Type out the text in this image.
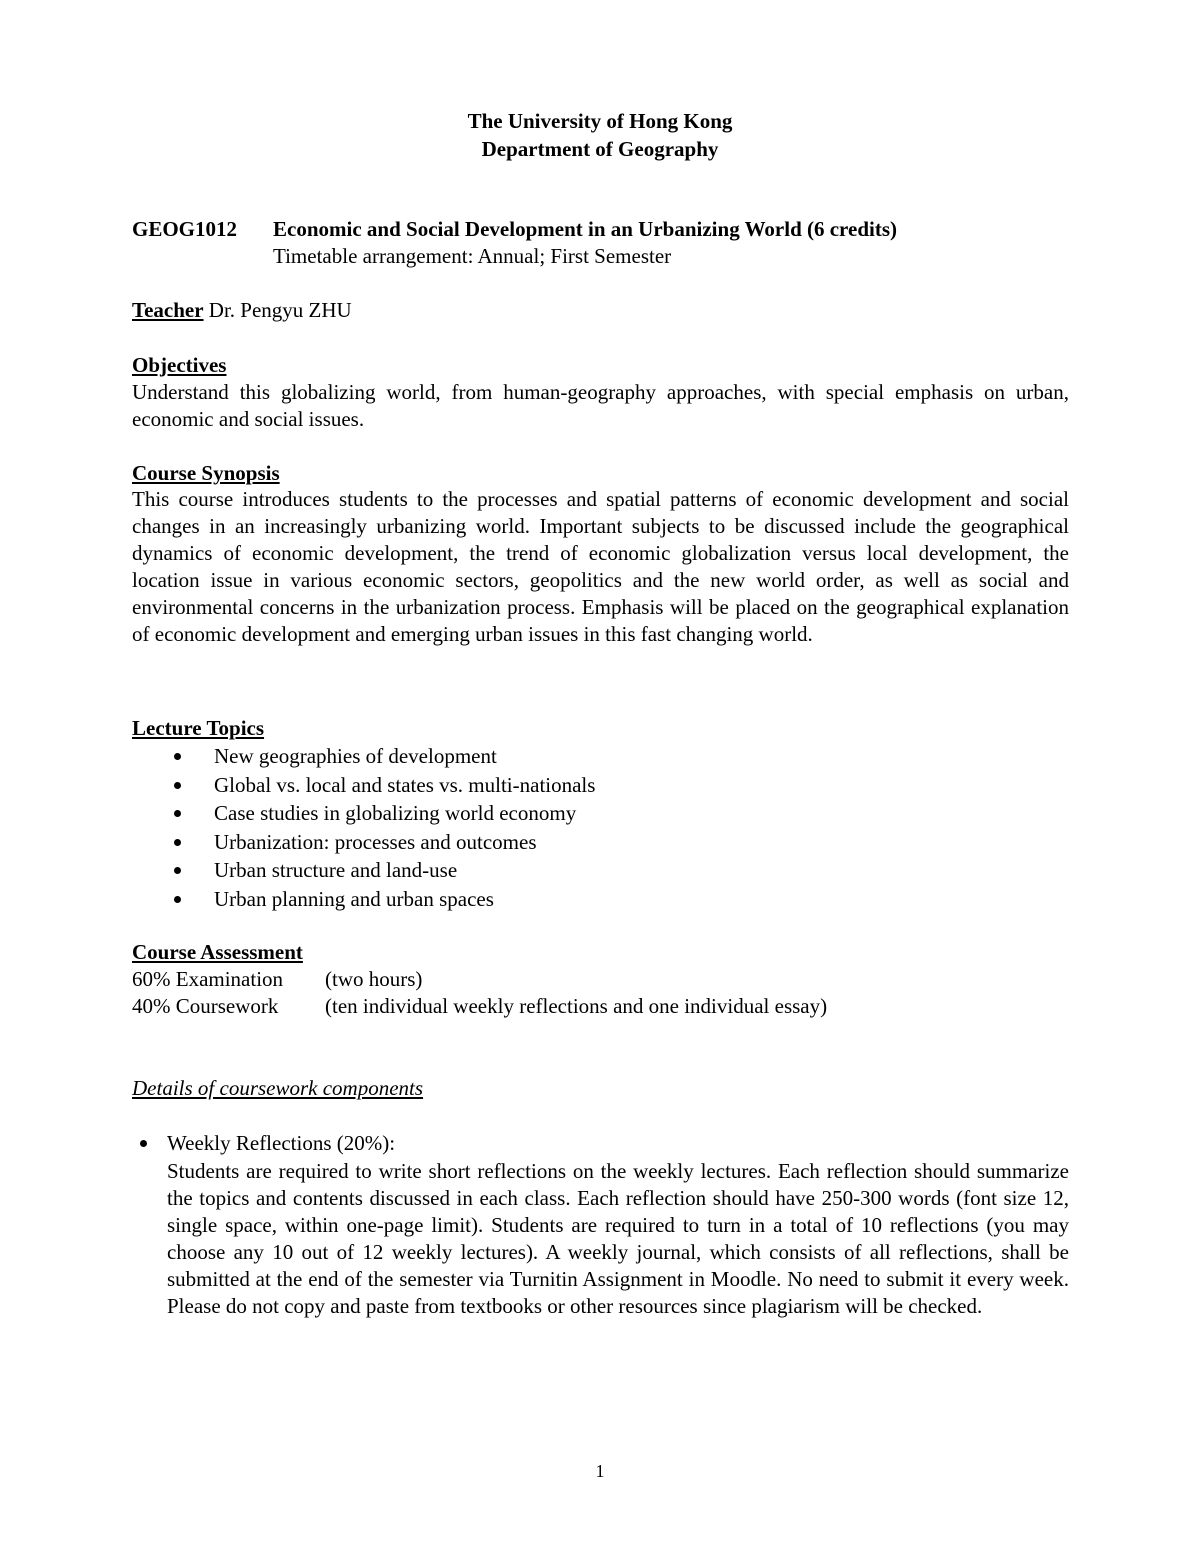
The University of Hong Kong
Department of Geography
GEOG1012 Economic and Social Development in an Urbanizing World (6 credits)
Timetable arrangement: Annual; First Semester
Teacher Dr. Pengyu ZHU
Objectives
Understand this globalizing world, from human-geography approaches, with special emphasis on urban, economic and social issues.
Course Synopsis
This course introduces students to the processes and spatial patterns of economic development and social changes in an increasingly urbanizing world. Important subjects to be discussed include the geographical dynamics of economic development, the trend of economic globalization versus local development, the location issue in various economic sectors, geopolitics and the new world order, as well as social and environmental concerns in the urbanization process. Emphasis will be placed on the geographical explanation of economic development and emerging urban issues in this fast changing world.
Lecture Topics
New geographies of development
Global vs. local and states vs. multi-nationals
Case studies in globalizing world economy
Urbanization: processes and outcomes
Urban structure and land-use
Urban planning and urban spaces
Course Assessment
60% Examination (two hours)
40% Coursework (ten individual weekly reflections and one individual essay)
Details of coursework components
Weekly Reflections (20%):
Students are required to write short reflections on the weekly lectures. Each reflection should summarize the topics and contents discussed in each class. Each reflection should have 250-300 words (font size 12, single space, within one-page limit). Students are required to turn in a total of 10 reflections (you may choose any 10 out of 12 weekly lectures). A weekly journal, which consists of all reflections, shall be submitted at the end of the semester via Turnitin Assignment in Moodle. No need to submit it every week. Please do not copy and paste from textbooks or other resources since plagiarism will be checked.
1
